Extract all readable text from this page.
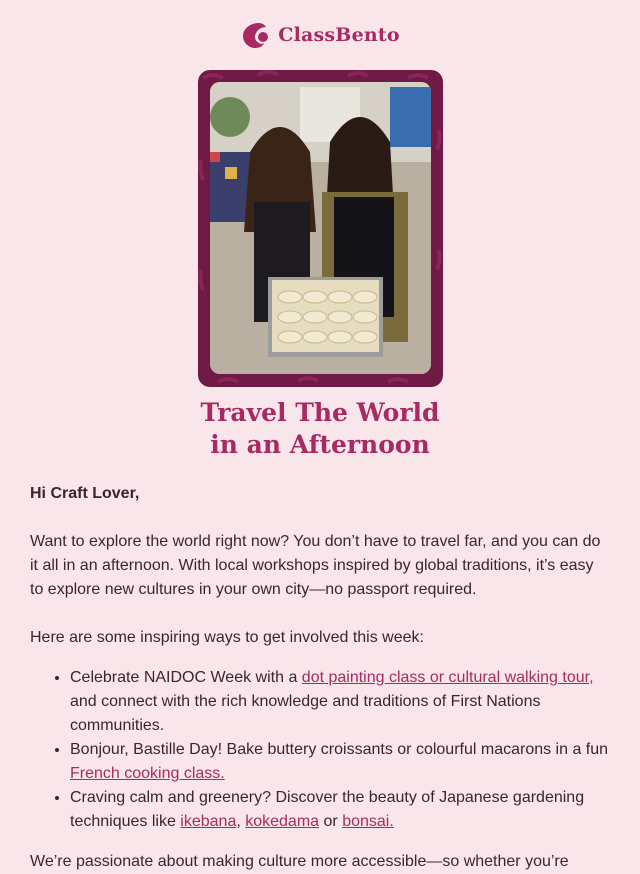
ClassBento
Travel The World
in an Afternoon
Hi Craft Lover,

Want to explore the world right now? You don’t have to travel far, and you can do it all in an afternoon. With local workshops inspired by global traditions, it’s easy to explore new cultures in your own city—no passport required.

Here are some inspiring ways to get involved this week:

• Celebrate NAIDOC Week with a dot painting class or cultural walking tour, and connect with the rich knowledge and traditions of First Nations communities.
• Bonjour, Bastille Day! Bake buttery croissants or colourful macarons in a fun French cooking class.
• Craving calm and greenery? Discover the beauty of Japanese gardening techniques like ikebana, kokedama or bonsai.

We’re passionate about making culture more accessible—so whether you’re
